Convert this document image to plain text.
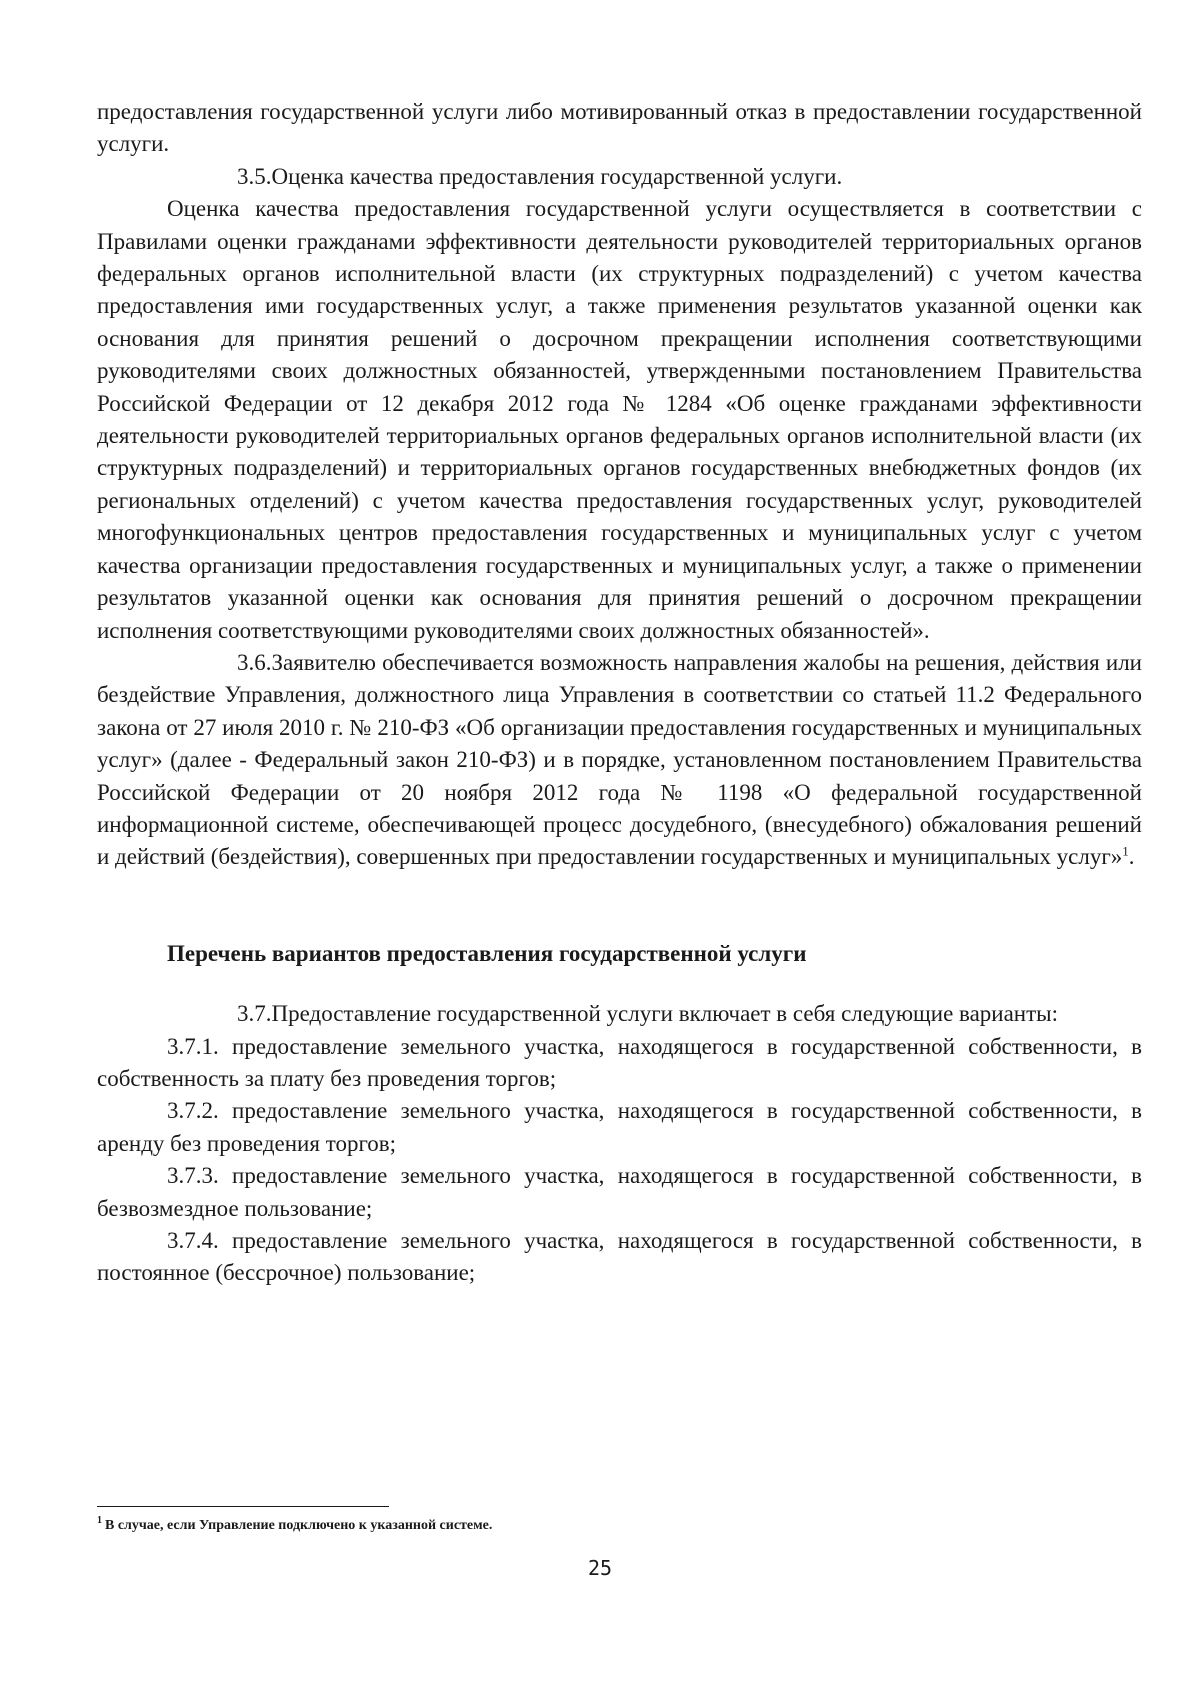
предоставления государственной услуги либо мотивированный отказ в предоставлении государственной услуги.

3.5.Оценка качества предоставления государственной услуги.

Оценка качества предоставления государственной услуги осуществляется в соответствии с Правилами оценки гражданами эффективности деятельности руководителей территориальных органов федеральных органов исполнительной власти (их структурных подразделений) с учетом качества предоставления ими государственных услуг, а также применения результатов указанной оценки как основания для принятия решений о досрочном прекращении исполнения соответствующими руководителями своих должностных обязанностей, утвержденными постановлением Правительства Российской Федерации от 12 декабря 2012 года № 1284 «Об оценке гражданами эффективности деятельности руководителей территориальных органов федеральных органов исполнительной власти (их структурных подразделений) и территориальных органов государственных внебюджетных фондов (их региональных отделений) с учетом качества предоставления государственных услуг, руководителей многофункциональных центров предоставления государственных и муниципальных услуг с учетом качества организации предоставления государственных и муниципальных услуг, а также о применении результатов указанной оценки как основания для принятия решений о досрочном прекращении исполнения соответствующими руководителями своих должностных обязанностей».

3.6.Заявителю обеспечивается возможность направления жалобы на решения, действия или бездействие Управления, должностного лица Управления в соответствии со статьей 11.2 Федерального закона от 27 июля 2010 г. № 210-ФЗ «Об организации предоставления государственных и муниципальных услуг» (далее - Федеральный закон 210-ФЗ) и в порядке, установленном постановлением Правительства Российской Федерации от 20 ноября 2012 года № 1198 «О федеральной государственной информационной системе, обеспечивающей процесс досудебного, (внесудебного) обжалования решений и действий (бездействия), совершенных при предоставлении государственных и муниципальных услуг»$^1$.

Перечень вариантов предоставления государственной услуги

3.7.Предоставление государственной услуги включает в себя следующие варианты:

3.7.1. предоставление земельного участка, находящегося в государственной собственности, в собственность за плату без проведения торгов;

3.7.2. предоставление земельного участка, находящегося в государственной собственности, в аренду без проведения торгов;

3.7.3. предоставление земельного участка, находящегося в государственной собственности, в безвозмездное пользование;

3.7.4. предоставление земельного участка, находящегося в государственной собственности, в постоянное (бессрочное) пользование;

$^1$ В случае, если Управление подключено к указанной системе.
25
